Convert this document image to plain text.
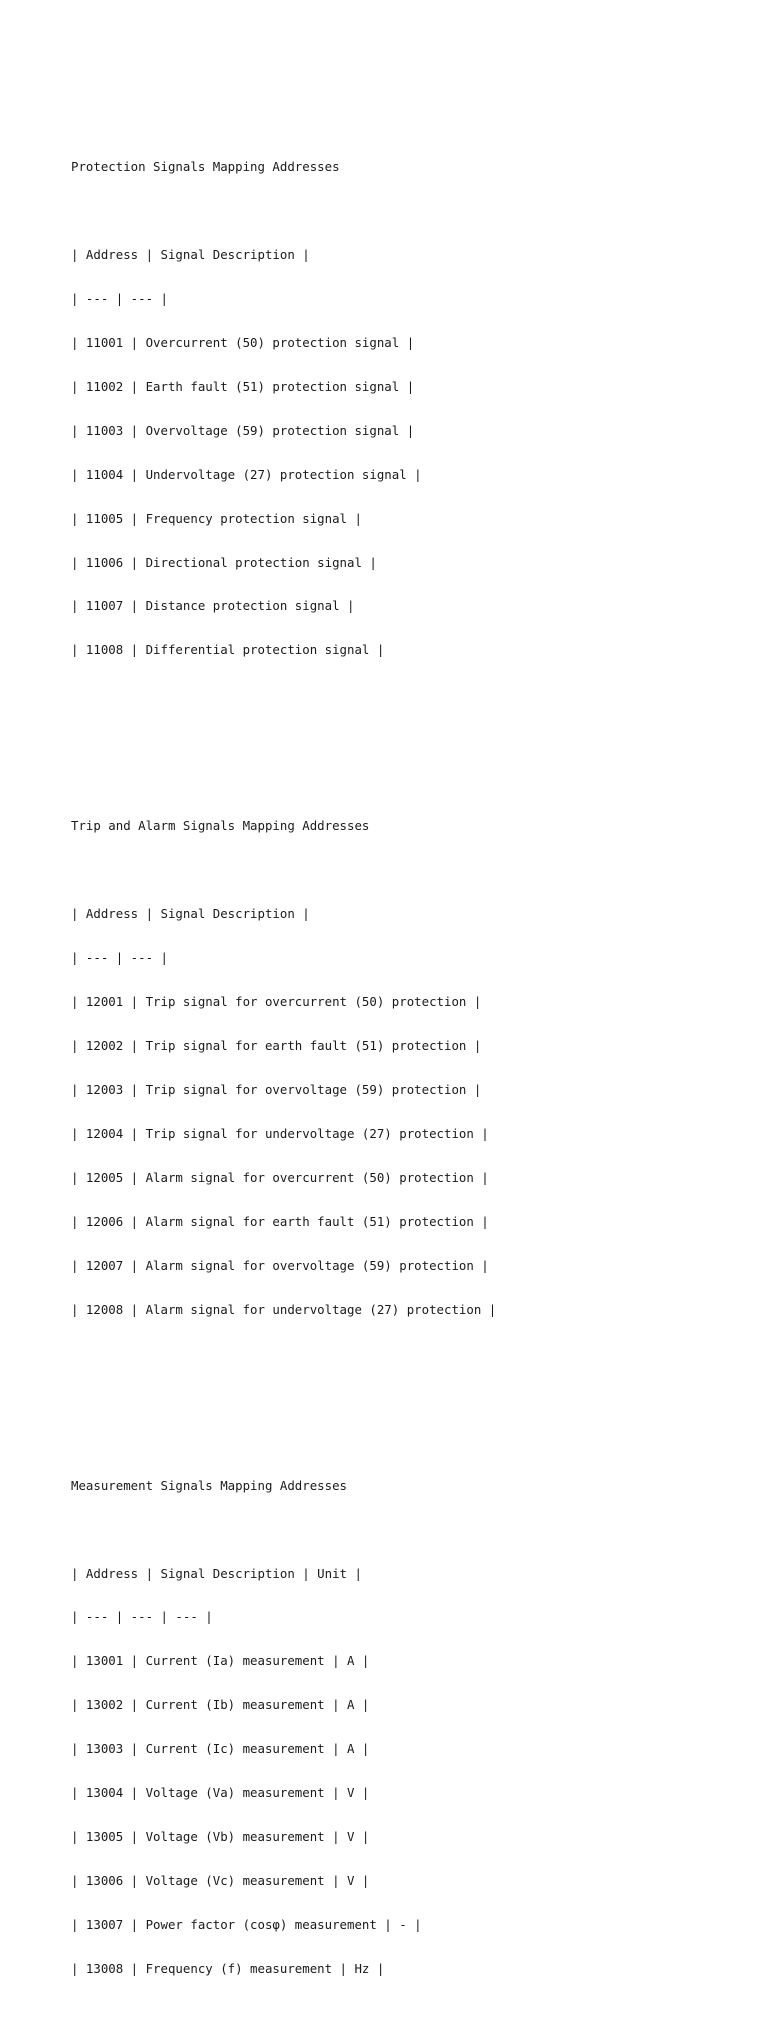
Protection Signals Mapping Addresses

| Address | Signal Description |

| --- | --- |

| 11001 | Overcurrent (50) protection signal |

| 11002 | Earth fault (51) protection signal |

| 11003 | Overvoltage (59) protection signal |

| 11004 | Undervoltage (27) protection signal |

| 11005 | Frequency protection signal |

| 11006 | Directional protection signal |

| 11007 | Distance protection signal |

| 11008 | Differential protection signal |

Trip and Alarm Signals Mapping Addresses

| Address | Signal Description |

| --- | --- |

| 12001 | Trip signal for overcurrent (50) protection |

| 12002 | Trip signal for earth fault (51) protection |

| 12003 | Trip signal for overvoltage (59) protection |

| 12004 | Trip signal for undervoltage (27) protection |

| 12005 | Alarm signal for overcurrent (50) protection |

| 12006 | Alarm signal for earth fault (51) protection |

| 12007 | Alarm signal for overvoltage (59) protection |

| 12008 | Alarm signal for undervoltage (27) protection |

Measurement Signals Mapping Addresses

| Address | Signal Description | Unit |

| --- | --- | --- |

| 13001 | Current (Ia) measurement | A |

| 13002 | Current (Ib) measurement | A |

| 13003 | Current (Ic) measurement | A |

| 13004 | Voltage (Va) measurement | V |

| 13005 | Voltage (Vb) measurement | V |

| 13006 | Voltage (Vc) measurement | V |

| 13007 | Power factor (cosφ) measurement | - |

| 13008 | Frequency (f) measurement | Hz |
